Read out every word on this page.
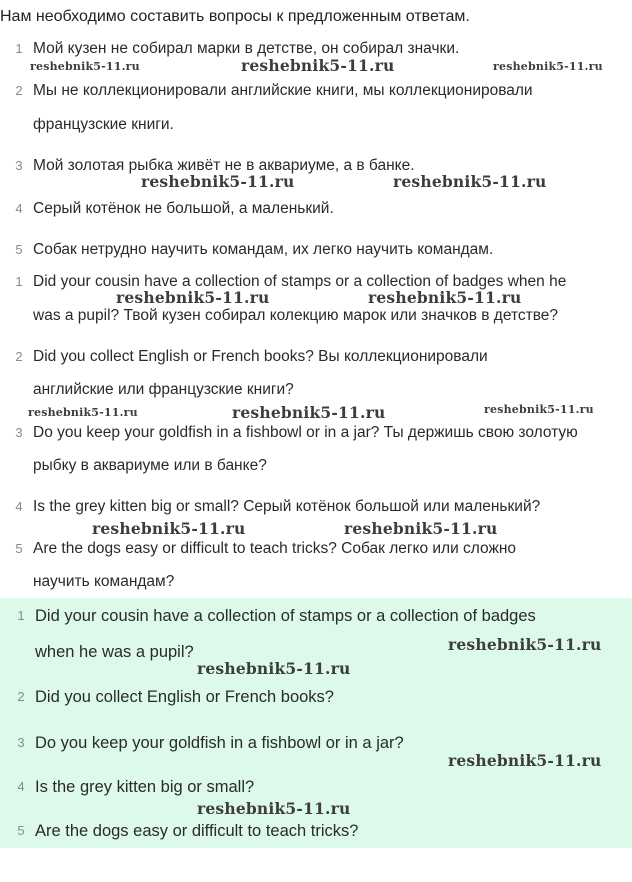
Нам необходимо составить вопросы к предложенным ответам.
1 Мой кузен не собирал марки в детстве, он собирал значки.
2 Мы не коллекционировали английские книги, мы коллекционировали
французские книги.
3 Мой золотая рыбка живёт не в аквариуме, а в банке.
4 Серый котёнок не большой, а маленький.
5 Собак нетрудно научить командам, их легко научить командам.
1 Did your cousin have a collection of stamps or a collection of badges when he
was a pupil? Твой кузен собирал колекцию марок или значков в детстве?
2 Did you collect English or French books? Вы коллекционировали
английские или французские книги?
3 Do you keep your goldfish in a fishbowl or in a jar? Ты держишь свою золотую
рыбку в аквариуме или в банке?
4 Is the grey kitten big or small? Серый котёнок большой или маленький?
5 Are the dogs easy or difficult to teach tricks? Собак легко или сложно
научить командам?
1 Did your cousin have a collection of stamps or a collection of badges
when he was a pupil?
2 Did you collect English or French books?
3 Do you keep your goldfish in a fishbowl or in a jar?
4 Is the grey kitten big or small?
5 Are the dogs easy or difficult to teach tricks?
reshebnik5-11.ru	reshebnik5-11.ru	reshebnik5-11.ru
reshebnik5-11.ru	reshebnik5-11.ru
reshebnik5-11.ru	reshebnik5-11.ru
reshebnik5-11.ru	reshebnik5-11.ru	reshebnik5-11.ru
reshebnik5-11.ru	reshebnik5-11.ru
reshebnik5-11.ru
reshebnik5-11.ru
reshebnik5-11.ru
reshebnik5-11.ru
